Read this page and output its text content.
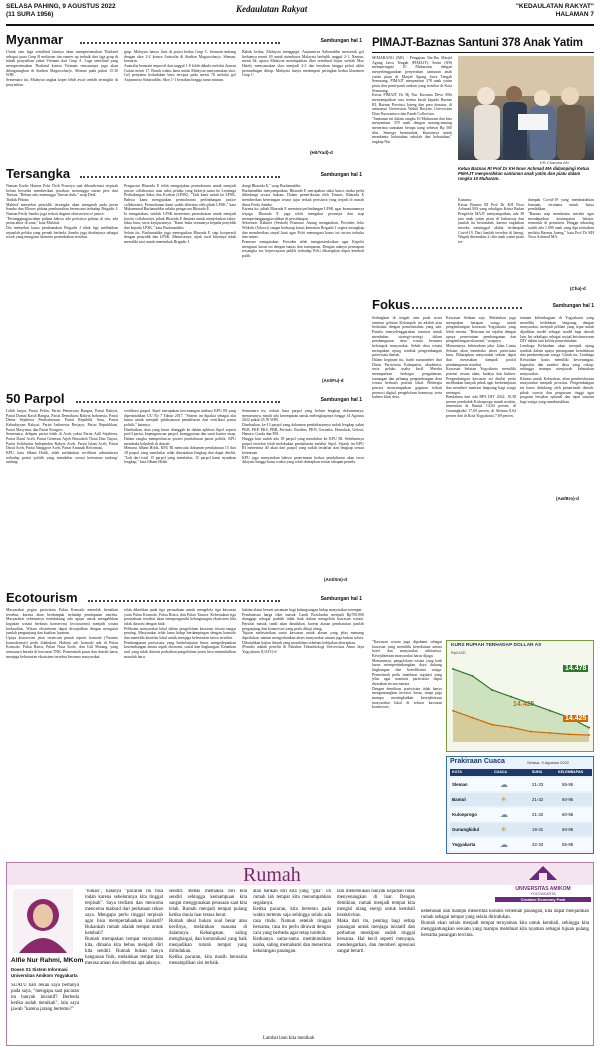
SELASA PAHING, 9 AGUSTUS 2022
(11 SURA 1956)
Kedaulatan Rakyat	"KEDAULATAN RAKYAT"
HALAMAN 7
Myanmar	Sambungan hal 1
Untuk satu laga semifinal lainnya akan mempertemukan Thailand sebagai juara Grup B melawan tim runner up terbaik dari tiga grup di babak penyisihan yakni Vietnam dari Grup A. Laga semifinal yang mempertemukan Thailand kontra Vietnam rencananya juga akan dilangsungkan di Stadion Maguwoharjo, Sleman pada pukul 15.30 WIB.
Sementara itu, Malaysia angkat koper lebih awal setelah tersingkir di penyisihan
grup. Malaysia hanya finis di posisi kedua Grup C. bermain imbang dengan skor 2-2 kontra Australia di Stadion Maguwoharjo, Sleman, kemarin.
Australia bermain impresif dan unggul 1-0 lebih dahulu melalui Ayman Gulasi menit 17. Butuh waktu lama untuk Malaysia menyamakan skor. Gol penyama kedudukan baru tercipta pada menit 76 melalui gol Anjasmirza Saharuddin. Skor 1-1 bertahan hingga turun minum.
Babak kedua, Malaysia menggegit. Anjasmirza Saharuddin mencetak gol keduanya menit 49 untuk membawa Malaysia berbalik unggul 2-1. Namun, menit 64, upaya Malaysia mendapatkan tiket semifinal buyar setelah Max Hately menyamakan skor menjadi 2-2 dan bertahan hingga peluit akhir pertandingan ditiup. Malaysia hanya menempati peringkat kedua klasemen Grup C.
(Hit/Yud)-d
PIMAJT-Baznas Santuni 378 Anak Yatim
SEMARANG (KR) - Pengajian Ibu-Ibu Masjid Agung Jawa Tengah (PIMAJT), Senin (8/8) memperingati 10 Muharram dengan menyelenggarakan penyerahan santunan anak yatim piatu di Masjid Agung Jawa Tengah Semarang. PIMAJT menyantuni 378 anak yatim piatu dari panti-panti asuhan yang tersebar di Kota Semarang.
Ketua PIMAJT Dr Hj Nur Kusuma Dewi MSi menyampaikan rasa terima kasih kepada Baznas RI, Baznas Provinsi Jateng dan para donatur, di antaranya Universitas Wahid Hasyim, Universitas Dian Nuswantoro dan Pands Collection.
"Santunan ini dalam rangka 10 Muharram dan bisa menyantuni 378 anak dengan masing-masing menerima santunan berupa uang sebesar Rp 500 ribu. Semoga bermanfaat, khususnya untuk membantu kebutuhan sekolah dan kebutuhan," ungkap Nur
KR-Chandra AN
Ketua Baznas RI Prof Dr KH Noor Achmad MA didampingi Ketua PIMAJT menyerahkan santunan anak yatim dan piatu dalam rangka 10 Muharam.
Kusuma.
Ketua Baznas RI Prof Dr KH Noor Achmad MA yang sekaligus Ketua Badan Pengelola MAJT menyampaikan, ada 38 juta anak yatim piatu di Indonesia dan jumlah itu bertambah, karena ongkahan mereka meninggal akibat terdampak Covid-19. Dari Jumlah tersebut di Jateng, Wagub ditemukan 2 ribu anak yatim piatu ter-
dampak Covid-19 yang membutuhkan bantuan, terutama untuk biaya pendidikan.
"Baznas siap membantu mereka agar mendapatkan kesempatan belajar, termasuk di pesantren. Hingga sekarang sudah ada 1.000 anak yang diprioritaskan melalui Baznas Jateng," kata Prof Dr KH Noor Achmad MA.
(Cha)-d
Tersangka	Sambungan hal 1
Namun Kadiv Humas Polri Dedi Prasetyo saat dikonfirmasi terpisah belum bersedia memberikan jawaban, menunggu siaran pers dari Timsus. "Belum ada, menunggu Timsus dulu," ucap Dedi.
Tindak Pidana
Mahfud menyebut penyidik tersangka akan mengarah pada peran Sambo dan Eliezer pidana pembunuhan berencana terhadap Brigadir J. Namun Ferdy Sambo juga terkait dugaan obstruction of justice.
"Pertanggungjawaban pidana bahwa ada peristiwa pidana di situ, ada peran aktor di sana," kata Mahfud.
Dia menyebut kasus pembunuhan Brigadir J tidak lagi melibatkan sejumlah pelaku yang pernah berbeda. Sambo juga disebutnya sebagai sosok yang mengatur skenario penembakan tersebut.
Pengacara Bharada E telah mengajukan permohonan untuk menjadi justice collaborator atau saksi pelaku yang bekerja sama ke Lembaga Perlindungan Saksi dan Korban (LPSK). "Tadi kami sudah ke LPSK. Bahwa kami mengajukan permohonan perlindungan justice collaborator. Permohonan kami sudah diterima oleh pihak LPSK," kata Muhammad Burhanuddin selaku pengacara Bharada E.
Ia mengatakan, setelah LPSK menerima permohonan untuk menjadi justice collaborator, pihak Bharada E diminta untuk menjelaskan fakta-fakta baru, serta kejujurannya. "Kami buka semuanya kepada penyidik dan kepada LPSK," kata Burhanuddin.
Selain itu, Burhanuddin juga menegaskan Bharada E siap kooperatif dengan penyidik dan LPSK. Menurutnya, sejak awal kliennya tidak memiliki niat untuk menembak Brigadir J.
dungi Bharada E," ucap Burhanuddin.
Burhanuddin menyampaikan, Bharada E merupakan saksi kunci, maka perlu dilindungi secara hukum. Dalam pemeriksaan oleh Timsus, Bharada E memberikan keterangan secara jujur terkait peristiwa yang terjadi di rumah dinas Ferdy Sambo.
Karena itu, pihak Bharada E meminta perlindungan LPSK agar keamanannya terjaga. Bharada E juga telah mengakui perannya dan siap mempertanggungjawabkan di persidangan.
Sekretaris Kabinet (Seskab) Pramono Anung mengatakan, Presiden Joko Widodo (Jokowi) sangat berharap kasus kematian Brigadir J segera terungkap dan memberikan sinyal kuat agar Polri menangani kasus ini secara terbuka dan tuntas.
Pramono mengatakan, Presiden telah menginstruksikan agar Kapolri mengusut kasus ini dengan tuntas dan transparan. Dengan adanya penetapan tersangka ini, kepercayaan publik terhadap Polri diharapkan dapat kembali pulih.
(Ant/Fu)-d
Fokus	Sambungan hal 1
Sedangkan di tengah atau pada acara seminar gelaran Kelompok ini adalah atau berkaitan dengan pemerintahan yang ada. Panitia menyelenggarakan seminar untuk membahas strategi-strategi dalam pembangunan desa wisata bersama kelompok masyarakat. Sebab desa wisata merupakan ujung tombak pengembangan pariwisata daerah.
Dalam kegiatan itu, hadir narasumber dari Dinas Pariwisata Kabupaten, akademisi, serta pelaku usaha kecil. Mereka memaparkan berbagai pengalaman, tantangan dan peluang pengembangan desa wisata berbasis potensi lokal. Beberapa peserta menyampaikan gagasan terkait promosi digital, pengelolaan homestay, serta kuliner khas desa.
Kawasan Selatan saja. Melainkan juga merupakan harapan warga untuk pengembangan kawasan Yogyakarta yang lebih merata. "Rencana ini sejalan dengan upaya pemerataan pembangunan dan pengembangan ekonomi," ucapnya.
Menurutnya, keberadaan jalur Jalan Lintas Selatan akan membuka akses pariwisata baru. Diharapkan masyarakat sekitar dapat ikut merasakan dampak positif pembangunan tersebut.
Kawasan Selatan Yogyakarta memiliki potensi wisata alam, budaya dan kuliner. Pengembangan kawasan ini dinilai perlu melibatkan banyak pihak agar berkelanjutan dan memberi manfaat langsung bagi warga setempat.
Bendahara dari ada BPS DIY 2022, 18,38 persen penduduk Kulonprogo masih miskin, sementara di Bantul 14,04 persen, di Gunungkidul 17,69 persen, di Sleman 8,64 persen dan di Kota Yogyakarta 7,69 persen.
tatanan kelembagaan di Yogyakarta yang memiliki kedekatan langsung dengan masyarakat, menjadi pilihan yang tepat untuk dijadikan model sebagai model bagi daerah lain. Ini sekaligus sebagai wujud keistimewaan DIY dalam tata kelola pemerintahan.
Lembaga Kelurahan akan menjadi ujung tombak dalam upaya penanganan kemiskinan dan pemberdayaan warga. Untuk itu, Lembaga Kelurahan harus memiliki kewenangan, kapasitas dan sumber daya yang cukup, sehingga mampu menjawab kebutuhan masyarakat.
Khusus untuk Kelurahan, akan pemberdayaan masyarakat menjadi prioritas. Pengembangan ini harus didukung oleh pemerintah daerah, pihak swasta dan perguruan tinggi agar program berjalan optimal dan tepat sasaran bagi warga yang membutuhkan.
(Aw/Bro)-d
50 Parpol	Sambungan hal 1
Lebih lanjut, Partai Pelita, Partai Pemersatu Bangsa, Partai Rakyat, Partai Damai Kasih Bangsa, Partai Demokrasi Rakyat Indonesia, Partai Dema Sejahtera Pembaharuan, Partai Republik Satu, Partai Kebudayaan Rakyat, Partai Indonesia Berjaya, Partai Republikan, Partai Masyumi, dan Partai Kongres.
Sementara, delapan partai tidak di Aceh yakni Partai Adil Sejahtera, Partai Darul Aceh, Partai Generasi Atjeh Beusaboh Thaat Dan Taqwa, Partai Solidaritas Independen Rakyat Aceh, Partai Islam Aceh, Partai Darul Aceh, Partai Nanggroe Aceh, Partai Amanah Reformasi.
KPU, kata Idham Holik, telah melakukan verifikasi administrasi terhadap partai politik yang mendaftar sesuai ketentuan undang-undang.
verifikasi parpol. Sipol merupakan kewenangan atribusi KPU RI yang diperintahkan UU No 7 Tahun 2017. "Sistem ini dipakai sebagai alat bantu untuk menjadi pelaksanaan pendaftaran dan verifikasi partai politik," katanya.
Disebutkan, data yang harus diunggah ke dalam aplikasi Sipol seperti profil partai, kepengurusan parpol, keanggotaan dan surat kantor tetap. Dalam rangka memperlancar proses pendaftaran partai politik, KPU membuka helpdesk di daerah.
Menurut Idham Holik, KPU RI mencatat dokumen pendaftaran 15 dari 18 parpol yang mendaftar telah dinyatakan lengkap dan dapat diteliti, "Jadi dari total 15 parpol yang mendaftar, 15 parpol kami nyatakan lengkap," kata Idham Holik.
Sementara itu, terkait lima parpol yang belum lengkap dokumennya, menurutnya, masih ada kesempatan untuk melengkapinya hingga 14 Agustus 2022 pukul 23.59 WIB.
Disebutkan, ke-13 parpol yang dokumen pendaftarannya sudah lengkap yakni PKB, PKP, PKS, PBB, Perindo, Nasdem, PKN, Gerindra, Demokrat, Gelora, Hanura, Garda dan PSI.
Hingga kini sudah ada 18 parpol yang mendaftar ke KPU RI. Sebelumnya parpol tersebut telah melakukan pendaftaran melalui Sipol. Sejauh ini KPU RI menerima 40 akun dari parpol yang sudah terdaftar dan lengkap sesuai ketentuan.
KPU juga menyatakan bahwa penerimaan berkas pendaftaran akan terus dilayani hingga batas waktu yang telah ditetapkan sesuai tahapan pemilu.
(Ant/Sm)-d
Ecotourism	Sambungan hal 1
Masyarakat pegiat pariwisata Pulau Komodo menolak kenaikan tersebut, karena akan berdampak terhadap pendapatan mereka. Masyarakat sebenarnya mendukung ada upaya untuk mengalihkan kegiatan wisata berbasis konservasi (ecotourism) menjadi wisata berkualitas. Wisata ekoturisme dapat diwujudkan dengan mengatur jumlah pengunjung dan kualitas layanan.
Upaya konservasi jenis terancam punah seperti komodo (Varanus komodoensis) perlu dilakukan. Habitat asli komodo ada di Pulau Komodo, Pulau Rinca, Pulau Nusa Kode, dan Gili Motang, yang semuanya berada di kawasan TNK. Pemerintah pusat dan daerah harus menjaga kelestarian ekosistem tersebut bersama masyarakat.
telah diberikan pada tiga perusahaan untuk mengelola tiga kawasan yaitu Pulau Komodo, Pulau Rinca, dan Pulau Tatawa. Keberadaan tiga perusahaan tersebut akan mempengaruhi kelangsungan ekosistem bila tidak diawasi dengan baik.
Pelibatan masyarakat lokal dalam pengelolaan kawasan wisata sangat penting. Masyarakat telah lama hidup berdampingan dengan komodo dan memiliki kearifan lokal untuk menjaga kelestarian satwa tersebut.
Pembangunan pariwisata yang berkelanjutan harus mengedepankan keseimbangan antara aspek ekonomi, sosial dan lingkungan. Kenaikan tarif yang tidak disertai perbaikan pengelolaan justru bisa menimbulkan masalah baru.
habitat alami berarti ancaman bagi kelangsungan hidup masyarakat setempat.
Pembatasan harga tiket masuk Candi Borobudur menjadi Rp750.000 dianggap sebagai praktik tidak baik dalam mengelola kawasan wisata. Bersifat masuk candi akan dinaikkan, karena alasan pembatasan jumlah pengunjung dan konservasi yang perlu dikaji ulang.
Tujuan melestarikan suatu kawasan untuk alasan yang jelas memang diperlukan, namun mengorbankan akses masyarakat umum juga bukan solusi. Dibutuhkan kajian ilmiah yang mendalam sebelum kebijakan diterapkan.
(Penulis adalah peneliti di Fakultas Teknobiologi Universitas Atma Jaya Yogyakarta (UAJY)-d
"Kawasan wisata juga dipahami sebagai kawasan yang memiliki keterkaitan antara hotel dan masyarakat sekitarnya. Kesejahteraan masyarakat harus dijaga.
Menurutnya, pengelolaan wisata yang baik harus mempertimbangkan daya dukung lingkungan dan keterlibatan warga. Pemerintah perlu membuat regulasi yang jelas agar manfaat pariwisata dapat dirasakan secara merata.
Dengan demikian, pariwisata tidak hanya menguntungkan investor besar, tetapi juga mampu meningkatkan kesejahteraan masyarakat lokal di sekitar kawasan konservasi.
KURS RUPIAH TERHADAP DOLLAR AS
Rp/USD
14.478
14.425
14.425
Prakiraan Cuaca	Selasa, 9 Agustus 2022
KOTA	CUACA	SUHU	KELEMBAPAN
Sleman	☁	21-33	55-95
Bantul	☀	21-32	60-95
Kulonprogo	☁	21-32	60-95
Gunungkidul	☀	19-31	60-95
Yogyakarta	☁	22-33	55-95
Rumah
UNIVERSITAS AMIKOM
YOGYAKARTA
Creative Economy Park
Alfie Nur Rahmi, MKom
Dosen S1 Sistem Informasi
Universitas Amikom Yogyakarta
SUATU hari rekan saya bertanya pada saya, "mengapa saat pacaran itu banyak inisiatif? Berbeda ketika sudah menikah", lalu saya jawab "karena jarang bertemu?"
"bukan", katanya "pacaran itu bisa indah karena sebelumnya kita tinggal terpisah". Saya terdiam dan mencoba mencerna maksud dari perkataan rekan saya. Mengapa perlu tinggal terpisah agar bisa mempertahankan inisiatif? Bukankah rumah adalah tempat untuk kembali?
Rumah merupakan tempat ternyaman kita, dimana kita bebas menjadi diri kita sendiri. Rumah bukan hanya bangunan fisik, melainkan tempat kita merasa aman dan diterima apa adanya.
sendiri. Bebas memaksa diri kita sendiri sehingga kemampuan kita sangat menggunakan perasaan saat kita lelah. Rumah menjadi tempat pulang ketika dunia luar terasa berat.
Rumah ideal bukan soal besar atau kecilnya, melainkan suasana di dalamnya. Kehangatan, saling menghargai, dan komunikasi yang baik menjadikan rumah tempat yang dirindukan.
Ketika pacaran, kita masih berusaha menampilkan sisi terbaik.
atau bahkan diri kita yang "gila". Di rumah lah tempat kita menumpahkan segalanya.
Ketika pacaran, kita bertemu pada waktu tertentu saja sehingga selalu ada rasa rindu. Namun setelah tinggal bersama, rasa itu perlu dirawat dengan cara yang berbeda agar tetap tumbuh.
Keduanya sama-sama membutuhkan usaha, saling memahami dan menerima kekurangan pasangan.
Lambat laun kita menikah
lalu menemukan banyak kejadian tidak menyenangkan di luar. Dengan demikian, rumah menjadi tempat kita mengisi ulang energi untuk kembali beraktivitas.
Maka dari itu, penting bagi setiap pasangan untuk menjaga inisiatif dan perhatian meskipun sudah tinggal bersama. Hal kecil seperti menyapa, mendengarkan, dan memberi apresiasi sangat berarti.
kebebasan dan mampu menerima kondisi terlemah pasangan, kita dapat menjadikan rumah sebagai tempat yang selalu dirindukan.
Rumah ekan selalu menjadi tempat ternyaman kita untuk kembali, sehingga kita menggantungkan sesuatu yang mampu membuat kita nyaman sebagai tujuan pulang bersama pasangan tercinta.
